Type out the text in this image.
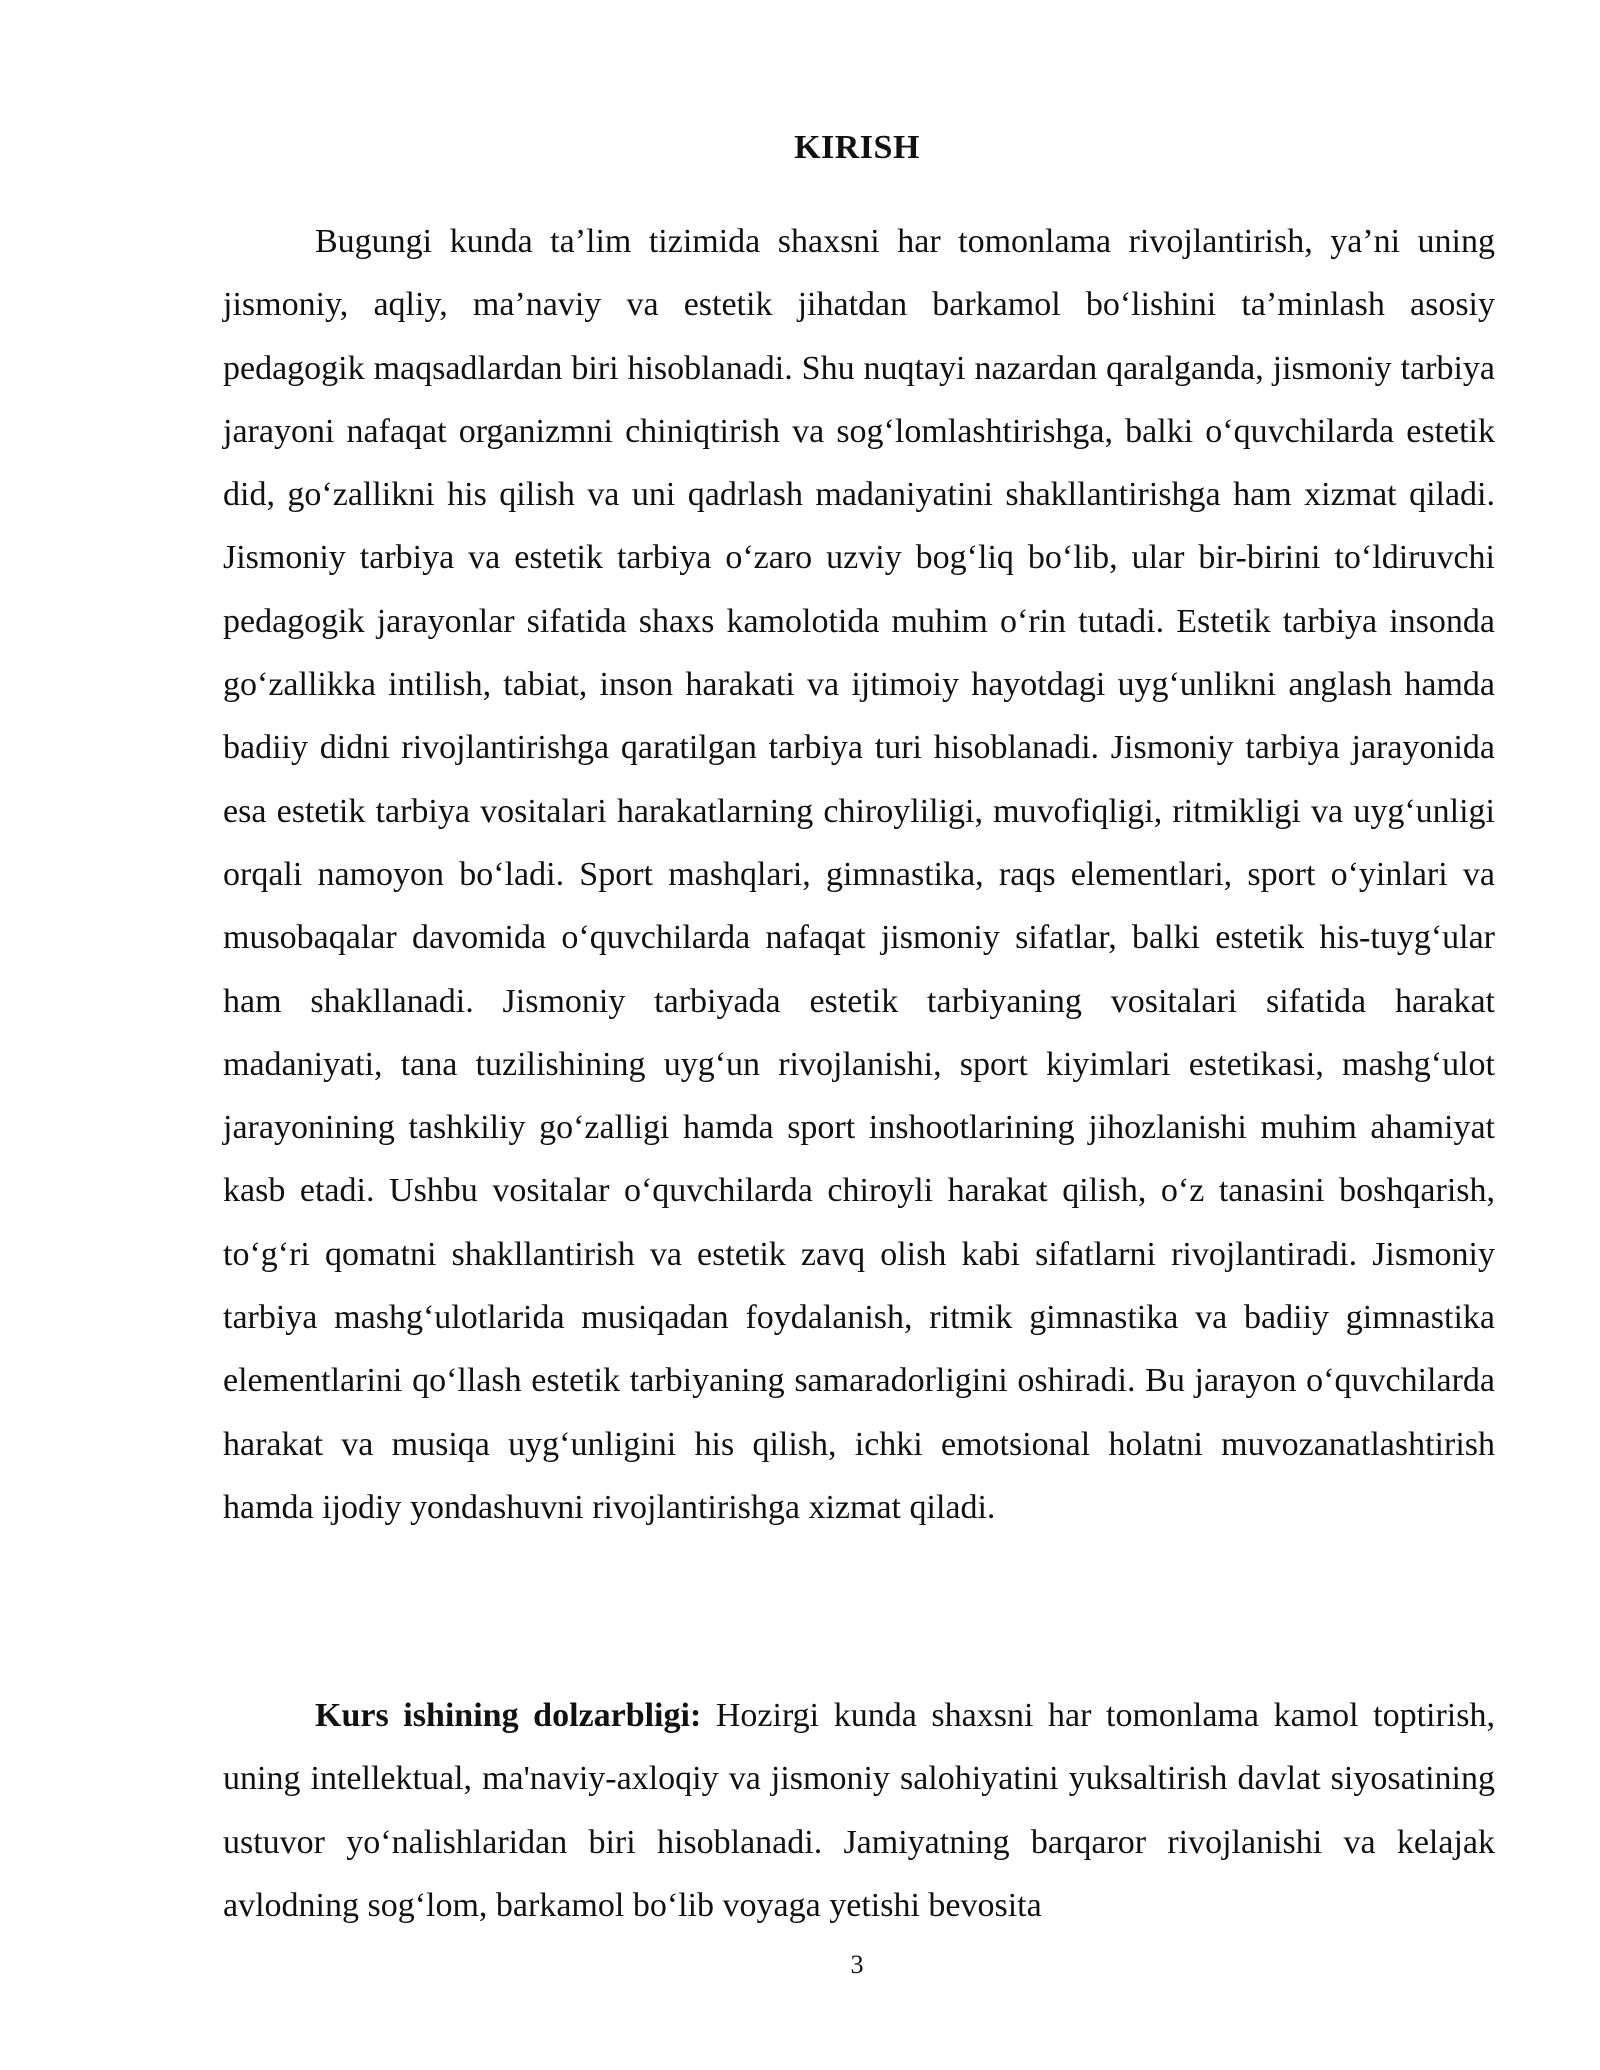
KIRISH

Bugungi kunda ta’lim tizimida shaxsni har tomonlama rivojlantirish, ya’ni uning jismoniy, aqliy, ma’naviy va estetik jihatdan barkamol bo‘lishini ta’minlash asosiy pedagogik maqsadlardan biri hisoblanadi. Shu nuqtayi nazardan qaralganda, jismoniy tarbiya jarayoni nafaqat organizmni chiniqtirish va sog‘lomlashtirishga, balki o‘quvchilarda estetik did, go‘zallikni his qilish va uni qadrlash madaniyatini shakllantirishga ham xizmat qiladi. Jismoniy tarbiya va estetik tarbiya o‘zaro uzviy bog‘liq bo‘lib, ular bir-birini to‘ldiruvchi pedagogik jarayonlar sifatida shaxs kamolotida muhim o‘rin tutadi. Estetik tarbiya insonda go‘zallikka intilish, tabiat, inson harakati va ijtimoiy hayotdagi uyg‘unlikni anglash hamda badiiy didni rivojlantirishga qaratilgan tarbiya turi hisoblanadi. Jismoniy tarbiya jarayonida esa estetik tarbiya vositalari harakatlarning chiroyliligi, muvofiqligi, ritmikligi va uyg‘unligi orqali namoyon bo‘ladi. Sport mashqlari, gimnastika, raqs elementlari, sport o‘yinlari va musobaqalar davomida o‘quvchilarda nafaqat jismoniy sifatlar, balki estetik his-tuyg‘ular ham shakllanadi. Jismoniy tarbiyada estetik tarbiyaning vositalari sifatida harakat madaniyati, tana tuzilishining uyg‘un rivojlanishi, sport kiyimlari estetikasi, mashg‘ulot jarayonining tashkiliy go‘zalligi hamda sport inshootlarining jihozlanishi muhim ahamiyat kasb etadi. Ushbu vositalar o‘quvchilarda chiroyli harakat qilish, o‘z tanasini boshqarish, to‘g‘ri qomatni shakllantirish va estetik zavq olish kabi sifatlarni rivojlantiradi. Jismoniy tarbiya mashg‘ulotlarida musiqadan foydalanish, ritmik gimnastika va badiiy gimnastika elementlarini qo‘llash estetik tarbiyaning samaradorligini oshiradi. Bu jarayon o‘quvchilarda harakat va musiqa uyg‘unligini his qilish, ichki emotsional holatni muvozanatlashtirish hamda ijodiy yondashuvni rivojlantirishga xizmat qiladi.

Kurs ishining dolzarbligi: Hozirgi kunda shaxsni har tomonlama kamol toptirish, uning intellektual, ma'naviy-axloqiy va jismoniy salohiyatini yuksaltirish davlat siyosatining ustuvor yo‘nalishlaridan biri hisoblanadi. Jamiyatning barqaror rivojlanishi va kelajak avlodning sog‘lom, barkamol bo‘lib voyaga yetishi bevosita

3
